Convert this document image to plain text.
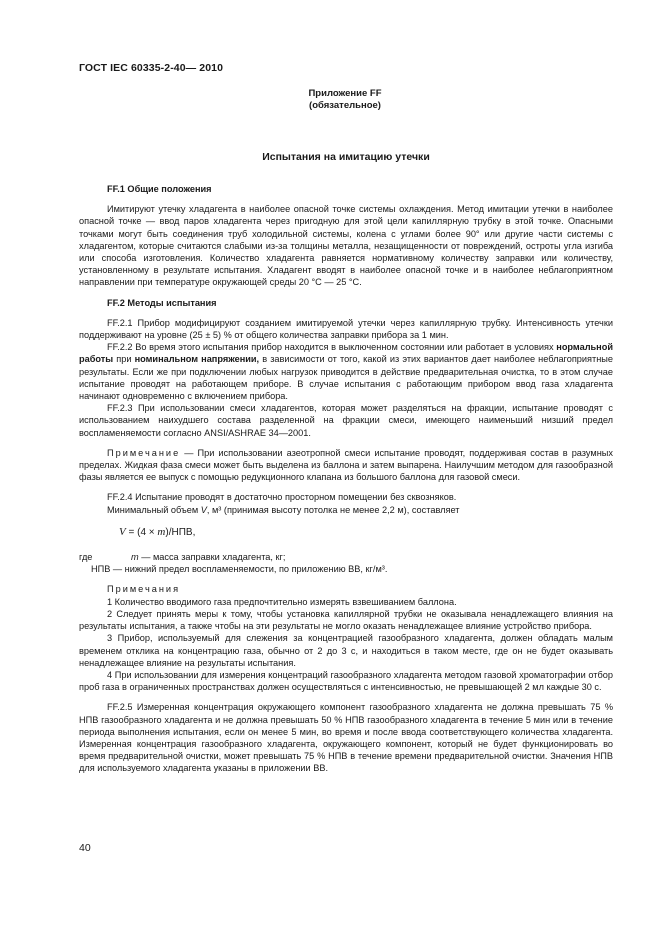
ГОСТ IEC 60335-2-40— 2010
Приложение FF
(обязательное)
Испытания на имитацию утечки

FF.1 Общие положения

Имитируют утечку хладагента в наиболее опасной точке системы охлаждения. Метод имитации утечки в наиболее опасной точке — ввод паров хладагента через пригодную для этой цели капиллярную трубку в этой точке. Опасными точками могут быть соединения труб холодильной системы, колена с углами более 90° или другие части системы с хладагентом, которые считаются слабыми из-за толщины металла, незащищенности от повреждений, остроты угла изгиба или способа изготовления. Количество хладагента равняется нормативному количеству заправки или количеству, установленному в результате испытания. Хладагент вводят в наиболее опасной точке и в наиболее неблагоприятном направлении при температуре окружающей среды 20 °С — 25 °С.

FF.2 Методы испытания

FF.2.1 Прибор модифицируют созданием имитируемой утечки через капиллярную трубку. Интенсивность утечки поддерживают на уровне (25 ± 5) % от общего количества заправки прибора за 1 мин.

FF.2.2 Во время этого испытания прибор находится в выключенном состоянии или работает в условиях нормальной работы при номинальном напряжении, в зависимости от того, какой из этих вариантов дает наиболее неблагоприятные результаты. Если же при подключении любых нагрузок приводится в действие предварительная очистка, то в этом случае испытание проводят на работающем приборе. В случае испытания с работающим прибором ввод газа хладагента начинают одновременно с включением прибора.

FF.2.3 При использовании смеси хладагентов, которая может разделяться на фракции, испытание проводят с использованием наихудшего состава разделенной на фракции смеси, имеющего наименьший низший предел воспламеняемости согласно ANSI/ASHRAE 34—2001.

Примечание — При использовании азеотропной смеси испытание проводят, поддерживая состав в разумных пределах. Жидкая фаза смеси может быть выделена из баллона и затем выпарена. Наилучшим методом для газообразной фазы является ее выпуск с помощью редукционного клапана из большого баллона для газовой смеси.

FF.2.4 Испытание проводят в достаточно просторном помещении без сквозняков.

Минимальный объем V, м³ (принимая высоту потолка не менее 2,2 м), составляет

V = (4 × m)/НПВ,

где	m — масса заправки хладагента, кг;

НПВ — нижний предел воспламеняемости, по приложению ВВ, кг/м³.

Примечания

1 Количество вводимого газа предпочтительно измерять взвешиванием баллона.

2 Следует принять меры к тому, чтобы установка капиллярной трубки не оказывала ненадлежащего влияния на результаты испытания, а также чтобы на эти результаты не могло оказать ненадлежащее влияние устройство прибора.

3 Прибор, используемый для слежения за концентрацией газообразного хладагента, должен обладать малым временем отклика на концентрацию газа, обычно от 2 до 3 с, и находиться в таком месте, где он не будет оказывать ненадлежащее влияние на результаты испытания.

4 При использовании для измерения концентраций газообразного хладагента методом газовой хроматографии отбор проб газа в ограниченных пространствах должен осуществляться с интенсивностью, не превышающей 2 мл каждые 30 с.

FF.2.5 Измеренная концентрация окружающего компонент газообразного хладагента не должна превышать 75 % НПВ газообразного хладагента и не должна превышать 50 % НПВ газообразного хладагента в течение 5 мин или в течение периода выполнения испытания, если он менее 5 мин, во время и после ввода соответствующего количества хладагента. Измеренная концентрация газообразного хладагента, окружающего компонент, который не будет функционировать во время предварительной очистки, может превышать 75 % НПВ в течение времени предварительной очистки. Значения НПВ для используемого хладагента указаны в приложении ВВ.

40
